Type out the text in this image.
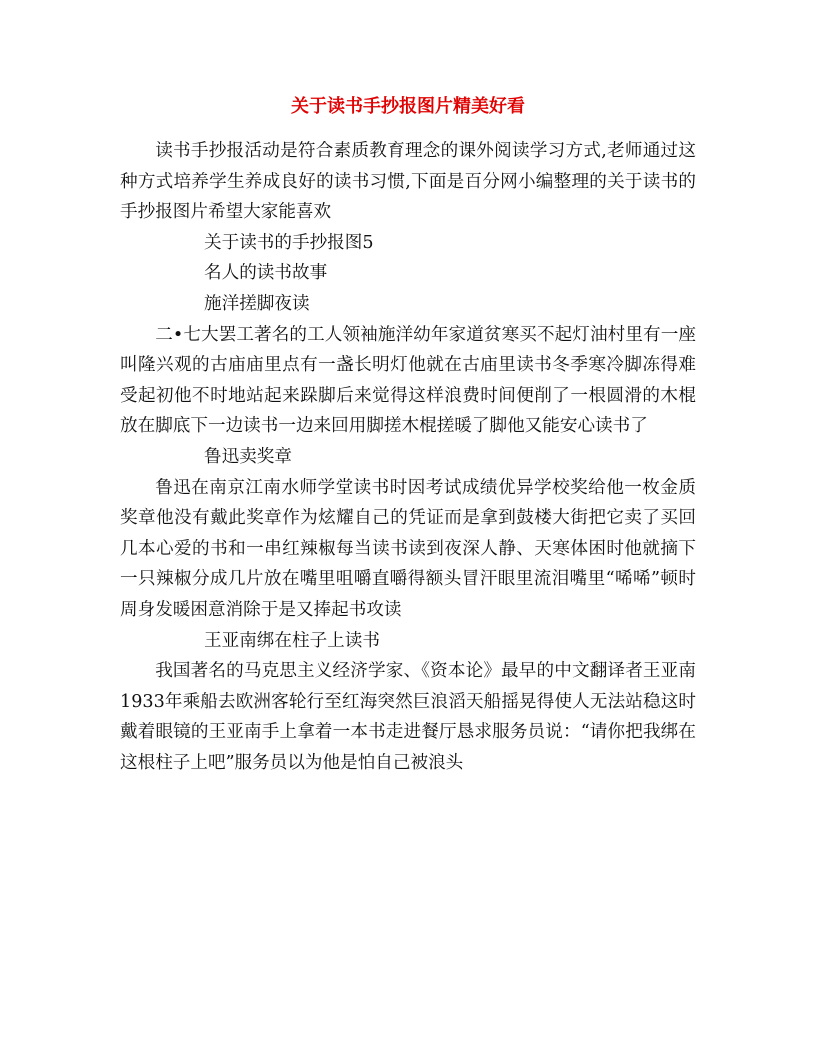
关于读书手抄报图片精美好看

读书手抄报活动是符合素质教育理念的课外阅读学习方式,老师通过这种方式培养学生养成良好的读书习惯,下面是百分网小编整理的关于读书的手抄报图片希望大家能喜欢

关于读书的手抄报图5

名人的读书故事

施洋搓脚夜读

二•七大罢工著名的工人领袖施洋幼年家道贫寒买不起灯油村里有一座叫隆兴观的古庙庙里点有一盏长明灯他就在古庙里读书冬季寒冷脚冻得难受起初他不时地站起来跺脚后来觉得这样浪费时间便削了一根圆滑的木棍放在脚底下一边读书一边来回用脚搓木棍搓暖了脚他又能安心读书了

鲁迅卖奖章

鲁迅在南京江南水师学堂读书时因考试成绩优异学校奖给他一枚金质奖章他没有戴此奖章作为炫耀自己的凭证而是拿到鼓楼大街把它卖了买回几本心爱的书和一串红辣椒每当读书读到夜深人静、天寒体困时他就摘下一只辣椒分成几片放在嘴里咀嚼直嚼得额头冒汗眼里流泪嘴里“唏唏”顿时周身发暖困意消除于是又捧起书攻读

王亚南绑在柱子上读书

我国著名的马克思主义经济学家、《资本论》最早的中文翻译者王亚南1933年乘船去欧洲客轮行至红海突然巨浪滔天船摇晃得使人无法站稳这时戴着眼镜的王亚南手上拿着一本书走进餐厅恳求服务员说：“请你把我绑在这根柱子上吧”服务员以为他是怕自己被浪头
